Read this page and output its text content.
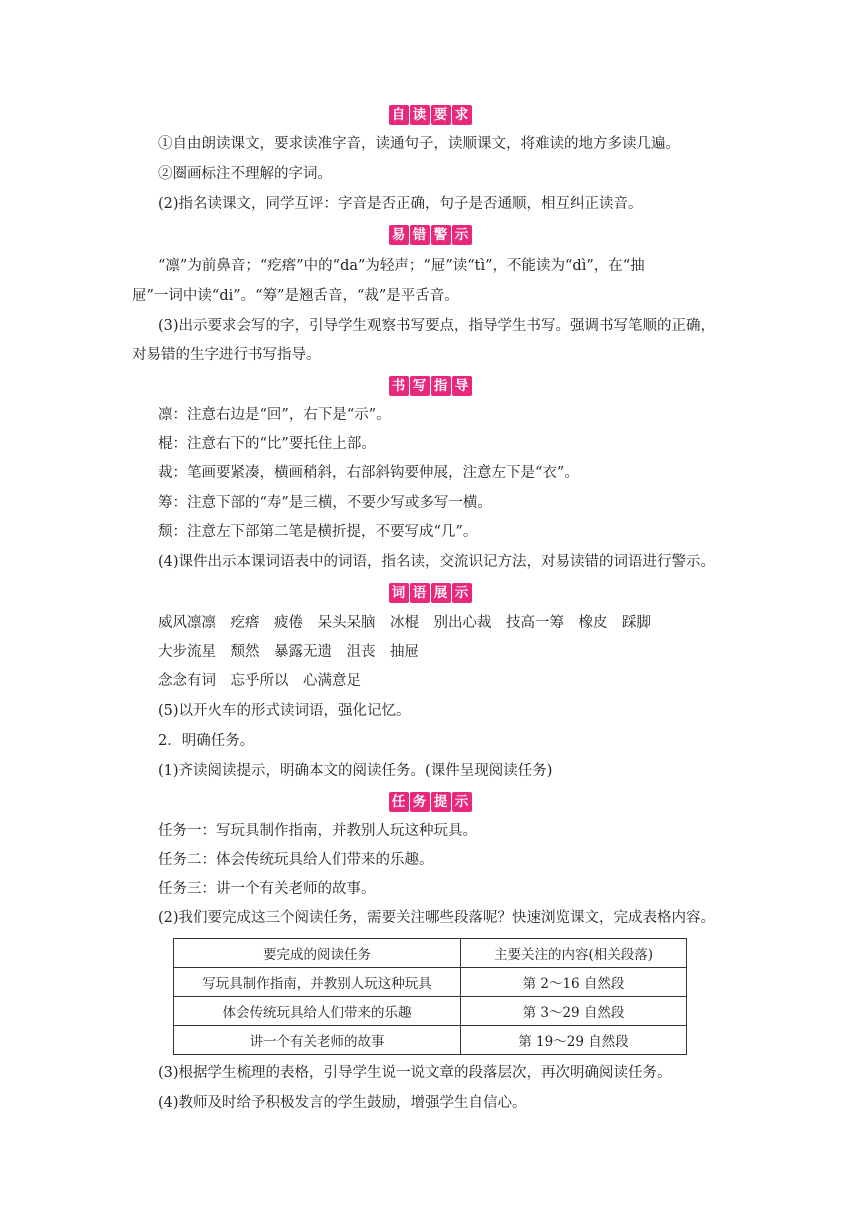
自 读 要 求
①自由朗读课文，要求读准字音，读通句子，读顺课文，将难读的地方多读几遍。
②圈画标注不理解的字词。
(2)指名读课文，同学互评：字音是否正确，句子是否通顺，相互纠正读音。
易 错 警 示
“凛”为前鼻音；“疙瘩”中的“da”为轻声；“屉”读“tì”，不能读为“dì”，在“抽
屉”一词中读“di”。“筹”是翘舌音，“裁”是平舌音。
(3)出示要求会写的字，引导学生观察书写要点，指导学生书写。强调书写笔顺的正确，
对易错的生字进行书写指导。
书 写 指 导
凛：注意右边是“回”，右下是“示”。
棍：注意右下的“比”要托住上部。
裁：笔画要紧凑，横画稍斜，右部斜钩要伸展，注意左下是“衣”。
筹：注意下部的“寿”是三横，不要少写或多写一横。
颓：注意左下部第二笔是横折提，不要写成“几”。
(4)课件出示本课词语表中的词语，指名读，交流识记方法，对易读错的词语进行警示。
词 语 展 示
威风凛凛　疙瘩　疲倦　呆头呆脑　冰棍　别出心裁　技高一筹　橡皮　踩脚
大步流星　颓然　暴露无遗　沮丧　抽屉
念念有词　忘乎所以　心满意足
(5)以开火车的形式读词语，强化记忆。
2．明确任务。
(1)齐读阅读提示，明确本文的阅读任务。(课件呈现阅读任务)
任 务 提 示
任务一：写玩具制作指南，并教别人玩这种玩具。
任务二：体会传统玩具给人们带来的乐趣。
任务三：讲一个有关老师的故事。
(2)我们要完成这三个阅读任务，需要关注哪些段落呢？快速浏览课文，完成表格内容。
要完成的阅读任务	主要关注的内容(相关段落)
写玩具制作指南，并教别人玩这种玩具	第 2～16 自然段
体会传统玩具给人们带来的乐趣	第 3～29 自然段
讲一个有关老师的故事	第 19～29 自然段
(3)根据学生梳理的表格，引导学生说一说文章的段落层次，再次明确阅读任务。
(4)教师及时给予积极发言的学生鼓励，增强学生自信心。
